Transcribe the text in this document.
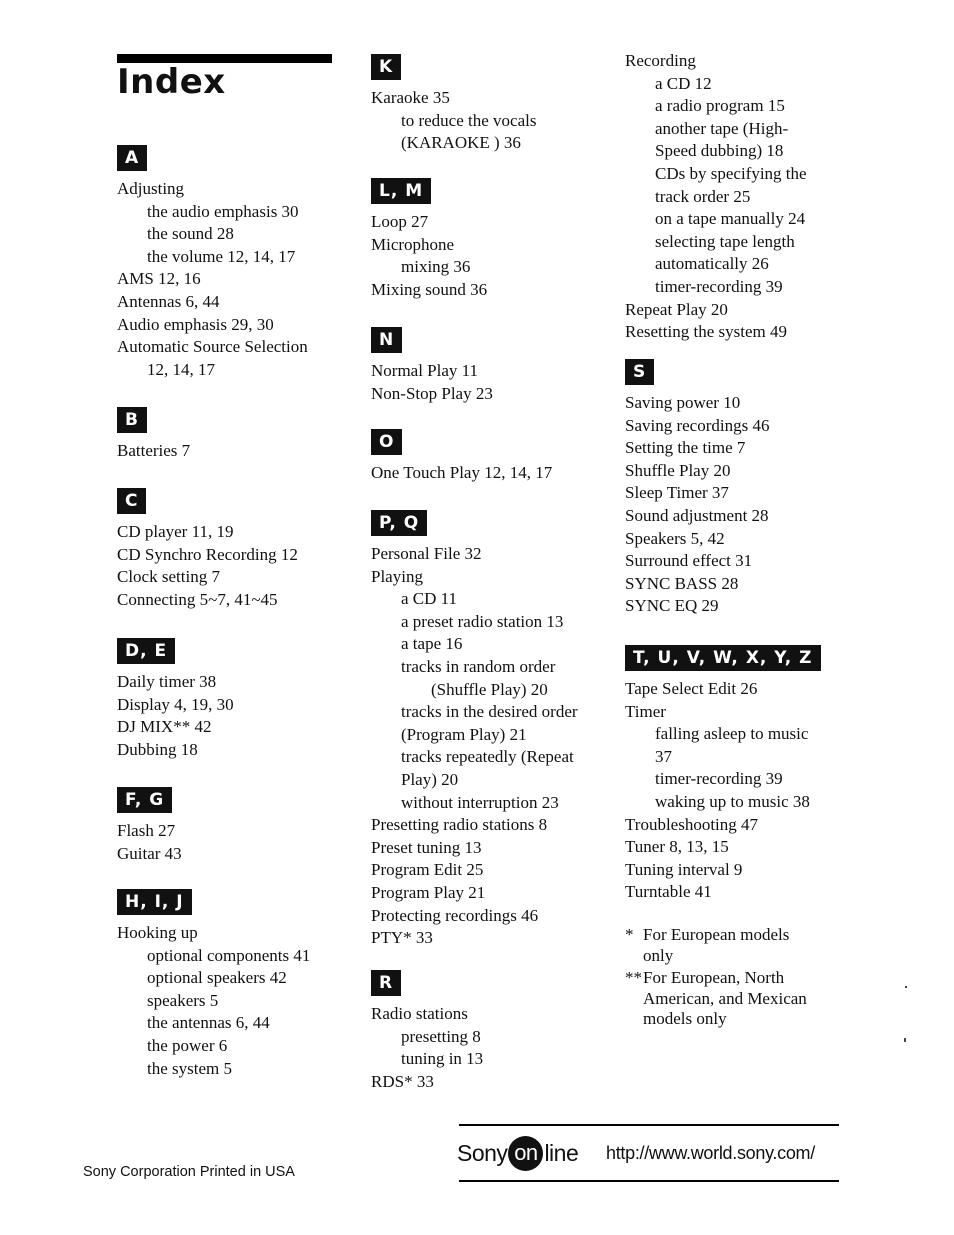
Index
A
Adjusting
the audio emphasis 30
the sound 28
the volume 12, 14, 17
AMS 12, 16
Antennas 6, 44
Audio emphasis 29, 30
Automatic Source Selection
12, 14, 17
B
Batteries 7
C
CD player 11, 19
CD Synchro Recording 12
Clock setting 7
Connecting 5~7, 41~45
D, E
Daily timer 38
Display 4, 19, 30
DJ MIX** 42
Dubbing 18
F, G
Flash 27
Guitar 43
H, I, J
Hooking up
optional components 41
optional speakers 42
speakers 5
the antennas 6, 44
the power 6
the system 5
K
Karaoke 35
to reduce the vocals (KARAOKE ) 36
L, M
Loop 27
Microphone
mixing 36
Mixing sound 36
N
Normal Play 11
Non-Stop Play 23
O
One Touch Play 12, 14, 17
P, Q
Personal File 32
Playing
a CD 11
a preset radio station 13
a tape 16
tracks in random order
(Shuffle Play) 20
tracks in the desired order (Program Play) 21
tracks repeatedly (Repeat Play) 20
without interruption 23
Presetting radio stations 8
Preset tuning 13
Program Edit 25
Program Play 21
Protecting recordings 46
PTY* 33
R
Radio stations
presetting 8
tuning in 13
RDS* 33
* For European models only
** For European, North American, and Mexican models only
Recording
a CD 12
a radio program 15
another tape (High-Speed dubbing) 18
CDs by specifying the track order 25
on a tape manually 24
selecting tape length automatically 26
timer-recording 39
Repeat Play 20
Resetting the system 49
S
Saving power 10
Saving recordings 46
Setting the time 7
Shuffle Play 20
Sleep Timer 37
Sound adjustment 28
Speakers 5, 42
Surround effect 31
SYNC BASS 28
SYNC EQ 29
T, U, V, W, X, Y, Z
Tape Select Edit 26
Timer
falling asleep to music 37
timer-recording 39
waking up to music 38
Troubleshooting 47
Tuner 8, 13, 15
Tuning interval 9
Turntable 41

Sony Corporation Printed in USA

Sony on line http://www.world.sony.com/
